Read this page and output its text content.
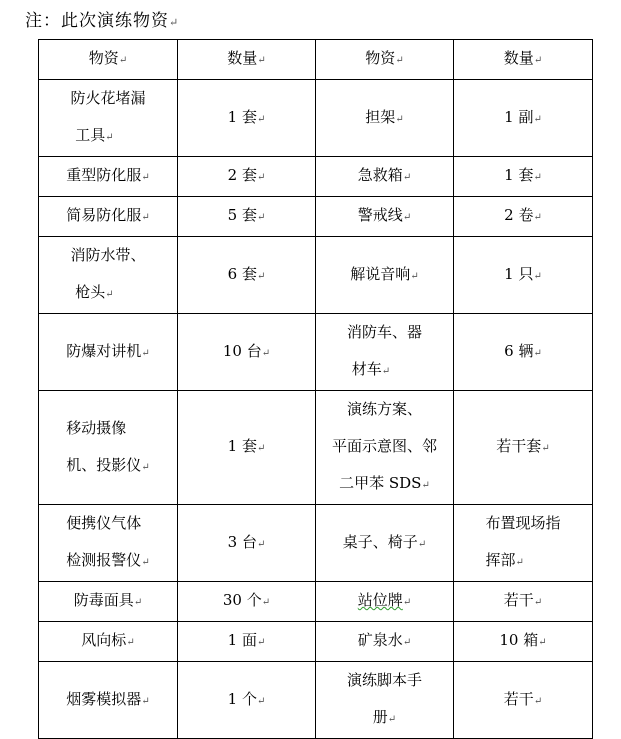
注：此次演练物资↵
物资↵	数量↵	物资↵	数量↵
防火花堵漏
工具↵	1 套↵	担架↵	1 副↵
重型防化服↵	2 套↵	急救箱↵	1 套↵
简易防化服↵	5 套↵	警戒线↵	2 卷↵
消防水带、
枪头↵	6 套↵	解说音响↵	1 只↵
防爆对讲机↵	10 台↵	消防车、器
材车↵	6 辆↵
移动摄像
机、投影仪↵	1 套↵	演练方案、
平面示意图、邻
二甲苯 SDS↵	若干套↵
便携仪气体
检测报警仪↵	3 台↵	桌子、椅子↵	布置现场指
挥部↵
防毒面具↵	30 个↵	站位牌↵	若干↵
风向标↵	1 面↵	矿泉水↵	10 箱↵
烟雾模拟器↵	1 个↵	演练脚本手
册↵	若干↵
